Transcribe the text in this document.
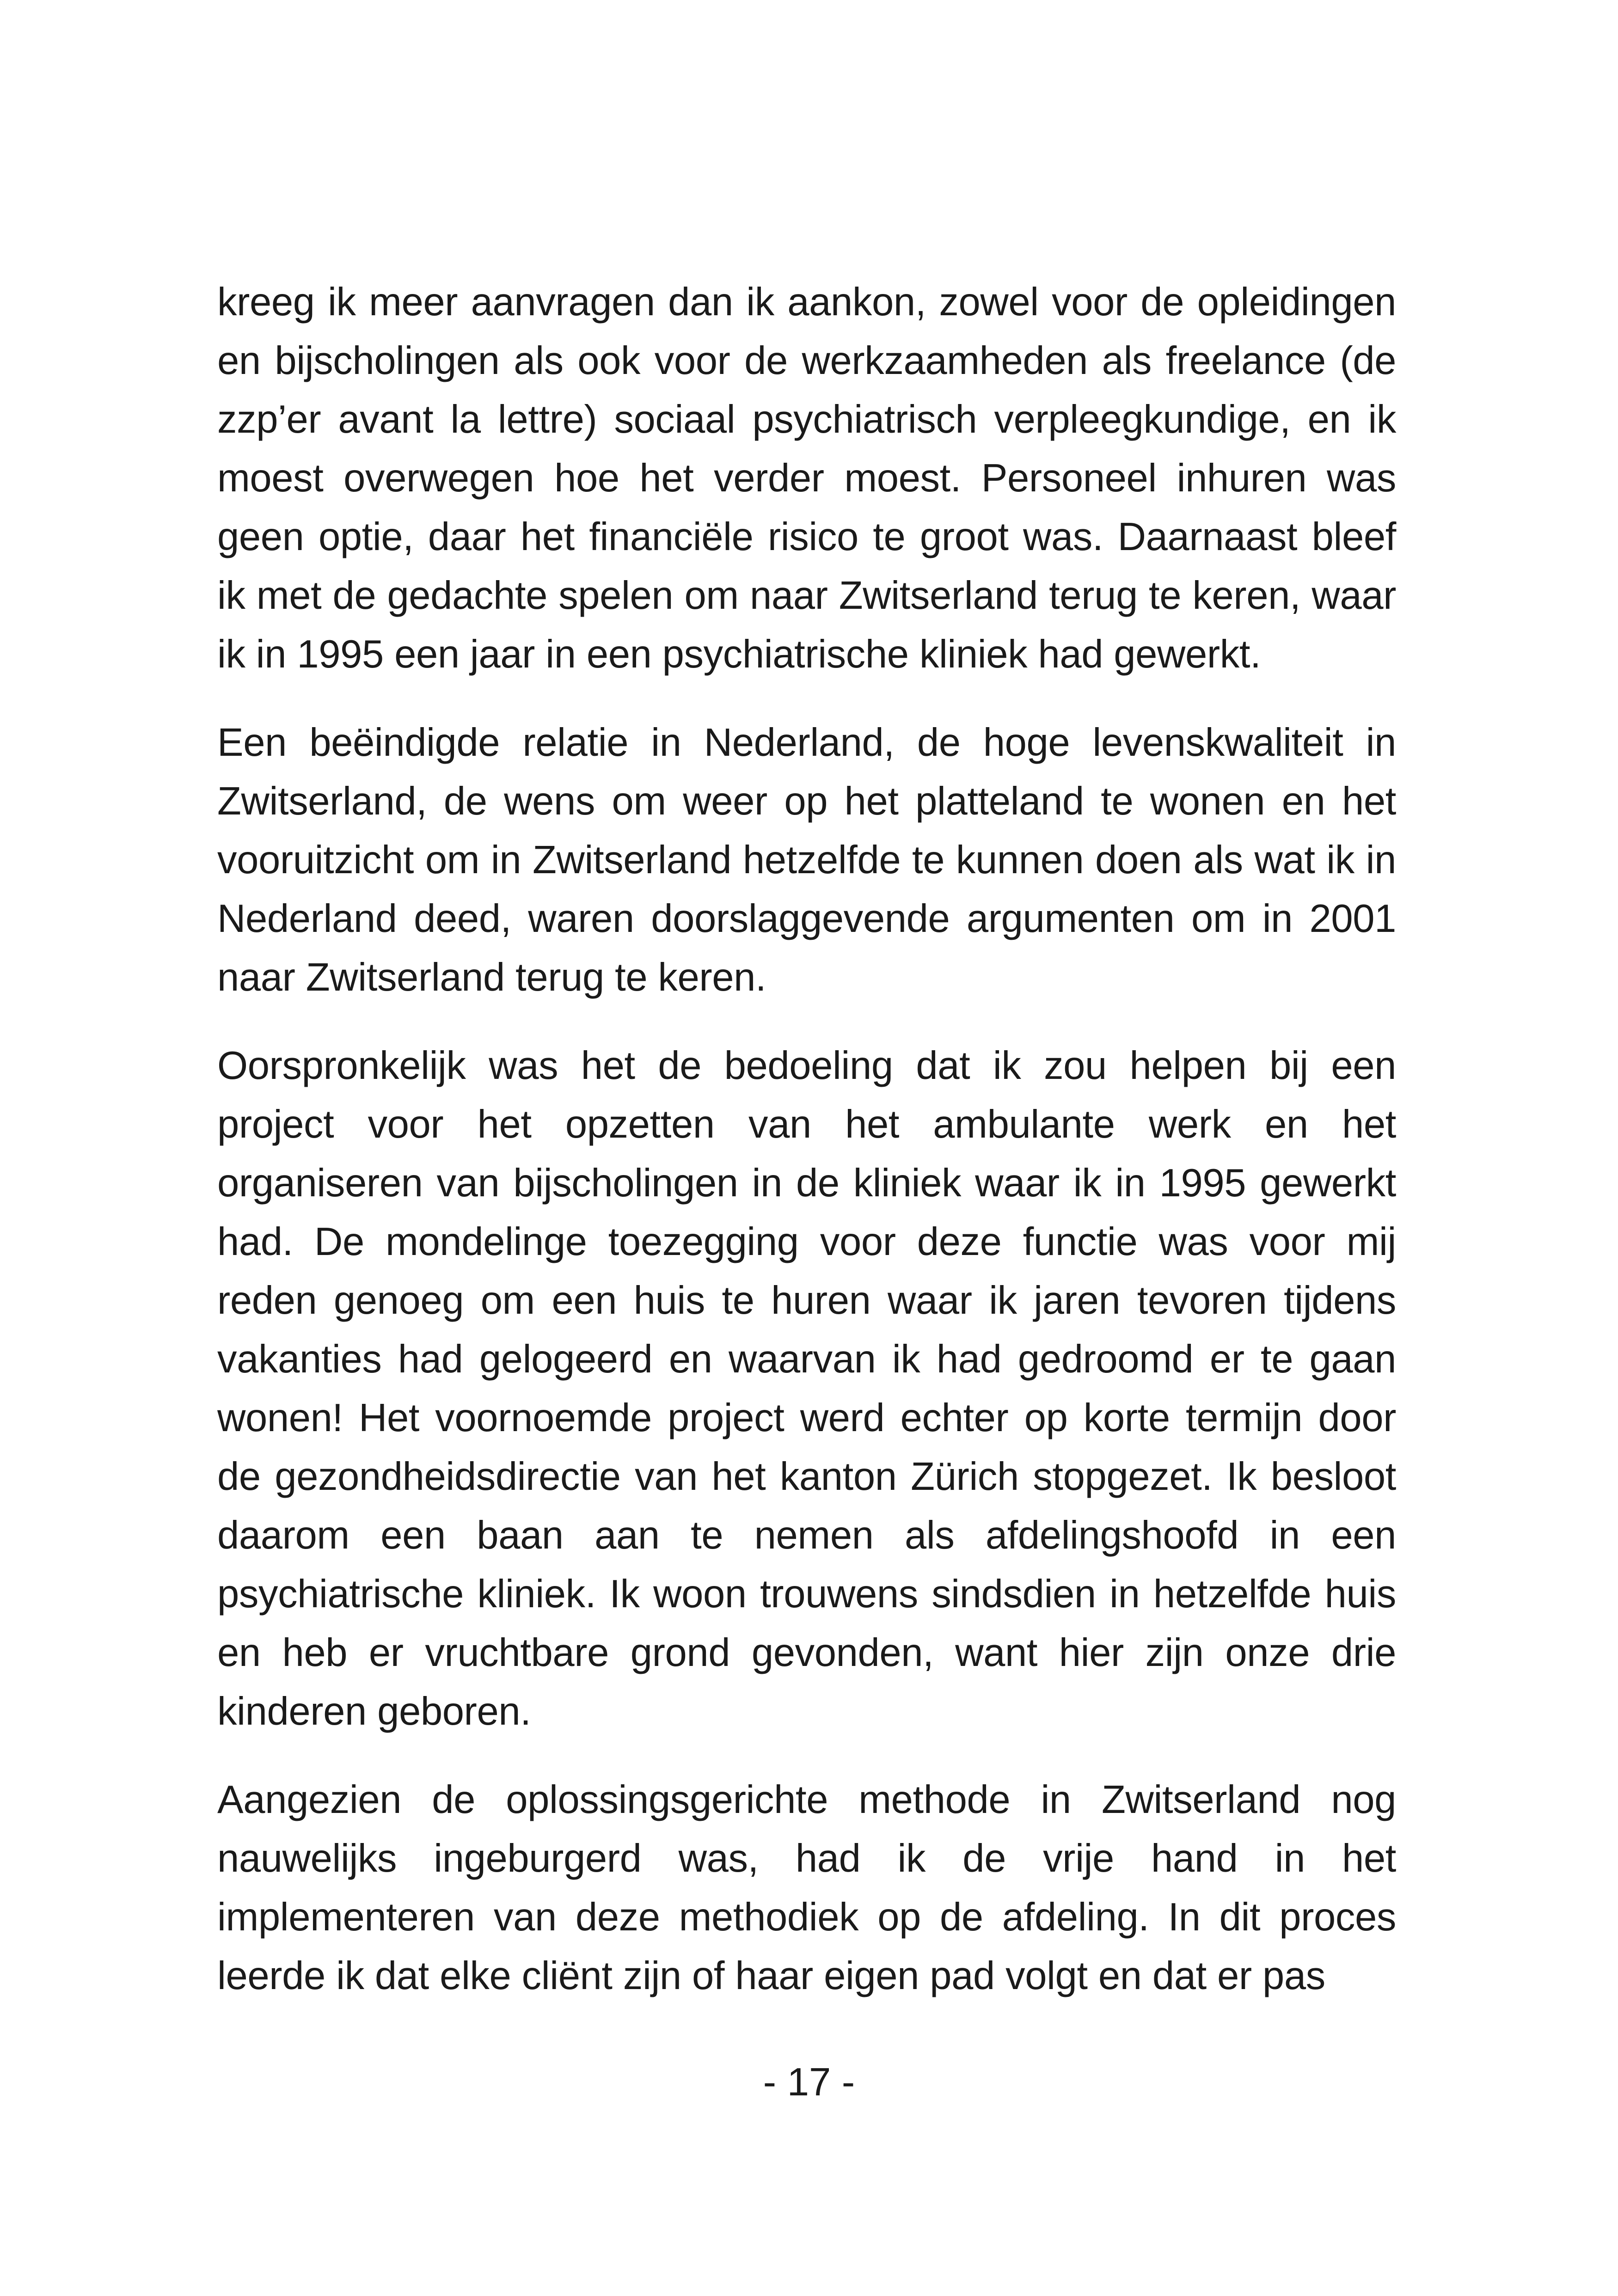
kreeg ik meer aanvragen dan ik aankon, zowel voor de opleidingen en bijscholingen als ook voor de werkzaamheden als freelance (de zzp’er avant la lettre) sociaal psychiatrisch verpleegkundige, en ik moest overwegen hoe het verder moest. Personeel inhuren was geen optie, daar het financiële risico te groot was. Daarnaast bleef ik met de gedachte spelen om naar Zwitserland terug te keren, waar ik in 1995 een jaar in een psychiatrische kliniek had gewerkt.

Een beëindigde relatie in Nederland, de hoge levenskwaliteit in Zwitserland, de wens om weer op het platteland te wonen en het vooruitzicht om in Zwitserland hetzelfde te kunnen doen als wat ik in Nederland deed, waren doorslaggevende argumenten om in 2001 naar Zwitserland terug te keren.

Oorspronkelijk was het de bedoeling dat ik zou helpen bij een project voor het opzetten van het ambulante werk en het organiseren van bijscholingen in de kliniek waar ik in 1995 gewerkt had. De mondelinge toezegging voor deze functie was voor mij reden genoeg om een huis te huren waar ik jaren tevoren tijdens vakanties had gelogeerd en waarvan ik had gedroomd er te gaan wonen! Het voornoemde project werd echter op korte termijn door de gezondheidsdirectie van het kanton Zürich stopgezet. Ik besloot daarom een baan aan te nemen als afdelingshoofd in een psychiatrische kliniek. Ik woon trouwens sindsdien in hetzelfde huis en heb er vruchtbare grond gevonden, want hier zijn onze drie kinderen geboren.

Aangezien de oplossingsgerichte methode in Zwitserland nog nauwelijks ingeburgerd was, had ik de vrije hand in het implementeren van deze methodiek op de afdeling. In dit proces leerde ik dat elke cliënt zijn of haar eigen pad volgt en dat er pas

- 17 -
